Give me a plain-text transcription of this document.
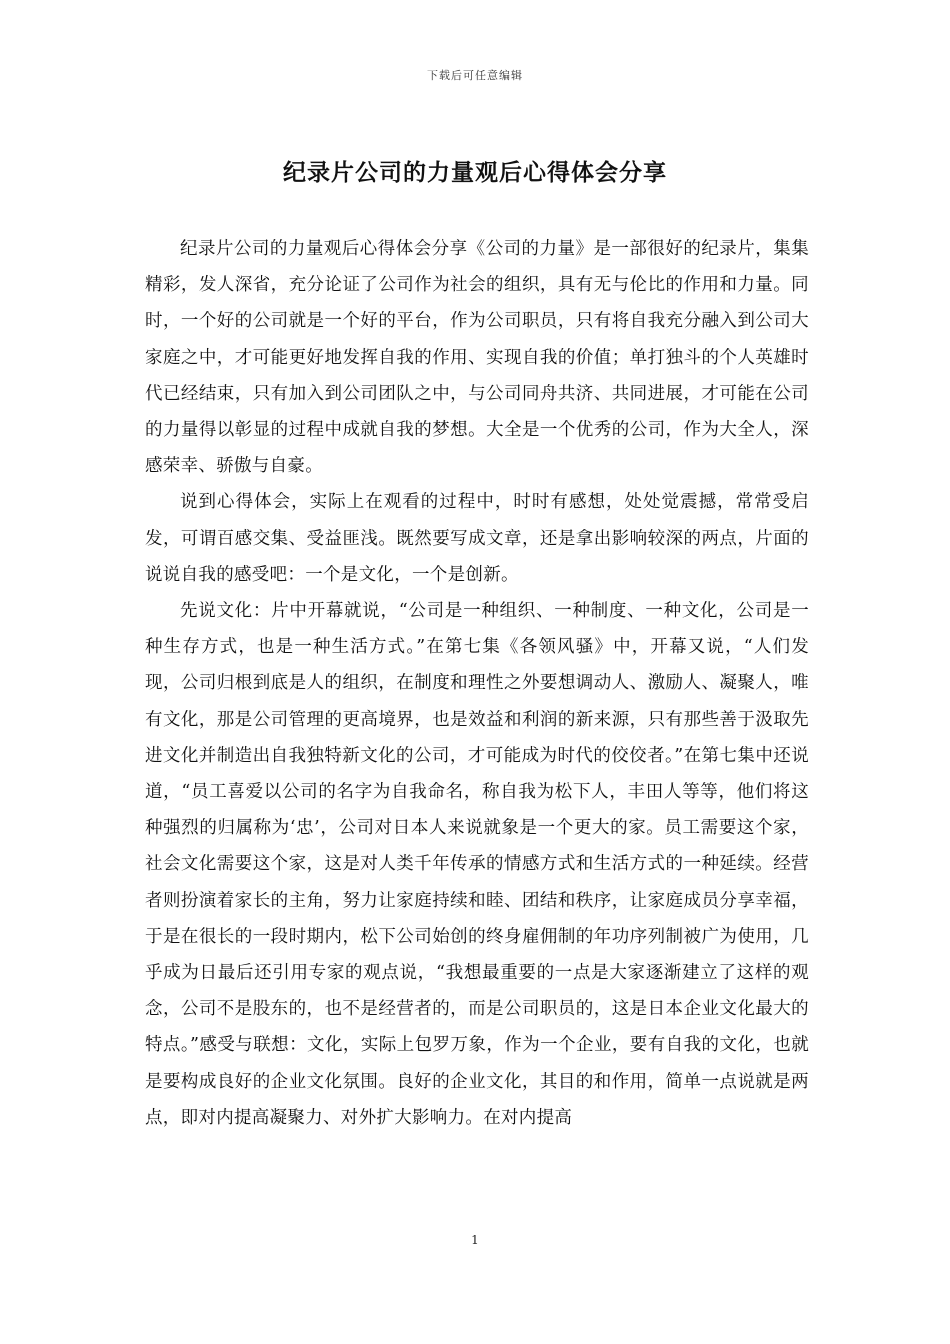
下载后可任意编辑
纪录片公司的力量观后心得体会分享

纪录片公司的力量观后心得体会分享《公司的力量》是一部很好的纪录片，集集精彩，发人深省，充分论证了公司作为社会的组织，具有无与伦比的作用和力量。同时，一个好的公司就是一个好的平台，作为公司职员，只有将自我充分融入到公司大家庭之中，才可能更好地发挥自我的作用、实现自我的价值；单打独斗的个人英雄时代已经结束，只有加入到公司团队之中，与公司同舟共济、共同进展，才可能在公司的力量得以彰显的过程中成就自我的梦想。大全是一个优秀的公司，作为大全人，深感荣幸、骄傲与自豪。

说到心得体会，实际上在观看的过程中，时时有感想，处处觉震撼，常常受启发，可谓百感交集、受益匪浅。既然要写成文章，还是拿出影响较深的两点，片面的说说自我的感受吧：一个是文化，一个是创新。

先说文化：片中开幕就说，“公司是一种组织、一种制度、一种文化，公司是一种生存方式，也是一种生活方式。”在第七集《各领风骚》中，开幕又说，“人们发现，公司归根到底是人的组织，在制度和理性之外要想调动人、激励人、凝聚人，唯有文化，那是公司管理的更高境界，也是效益和利润的新来源，只有那些善于汲取先进文化并制造出自我独特新文化的公司，才可能成为时代的佼佼者。”在第七集中还说道，“员工喜爱以公司的名字为自我命名，称自我为松下人，丰田人等等，他们将这种强烈的归属称为‘忠’，公司对日本人来说就象是一个更大的家。员工需要这个家，社会文化需要这个家，这是对人类千年传承的情感方式和生活方式的一种延续。经营者则扮演着家长的主角，努力让家庭持续和睦、团结和秩序，让家庭成员分享幸福，于是在很长的一段时期内，松下公司始创的终身雇佣制的年功序列制被广为使用，几乎成为日最后还引用专家的观点说，“我想最重要的一点是大家逐渐建立了这样的观念，公司不是股东的，也不是经营者的，而是公司职员的，这是日本企业文化最大的特点。”感受与联想：文化，实际上包罗万象，作为一个企业，要有自我的文化，也就是要构成良好的企业文化氛围。良好的企业文化，其目的和作用，简单一点说就是两点，即对内提高凝聚力、对外扩大影响力。在对内提高

1
